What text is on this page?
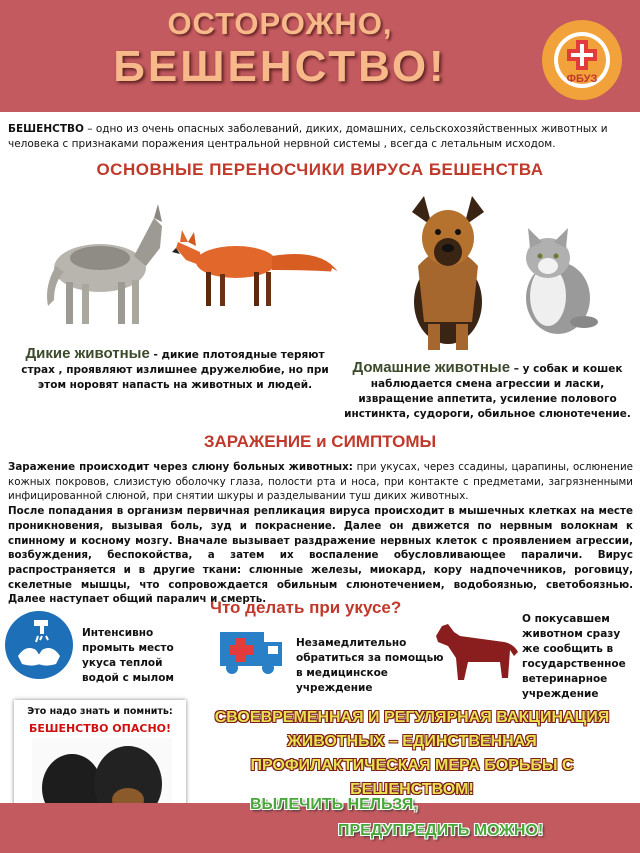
ОСТОРОЖНО,
БЕШЕНСТВО!	ФБУЗ
БЕШЕНСТВО – одно из очень опасных заболеваний, диких, домашних, сельскохозяйственных животных и человека с признаками поражения центральной нервной системы , всегда с летальным исходом.
ОСНОВНЫЕ ПЕРЕНОСЧИКИ ВИРУСА БЕШЕНСТВА
Дикие животные - дикие плотоядные теряют страх , проявляют излишнее дружелюбие, но при этом норовят напасть на животных и людей.
Домашние животные – у собак и кошек наблюдается смена агрессии и ласки, извращение аппетита, усиление полового инстинкта, судороги, обильное слюнотечение.
ЗАРАЖЕНИЕ и СИМПТОМЫ
Заражение происходит через слюну больных животных: при укусах, через ссадины, царапины, ослюнение кожных покровов, слизистую оболочку глаза, полости рта и носа, при контакте с предметами, загрязненными инфицированной слюной, при снятии шкуры и разделывании туш диких животных.
После попадания в организм первичная репликация вируса происходит в мышечных клетках на месте проникновения, вызывая боль, зуд и покраснение. Далее он движется по нервным волокнам к спинному и косному мозгу. Вначале вызывает раздражение нервных клеток с проявлением агрессии, возбуждения, беспокойства, а затем их воспаление обусловливающее параличи. Вирус распространяется и в другие ткани: слюнные железы, миокард, кору надпочечников, роговицу, скелетные мышцы, что сопровождается обильным слюнотечением, водобоязнью, светобоязнью. Далее наступает общий паралич и смерть.
Что делать при укусе?
Интенсивно промыть место укуса теплой водой с мылом
Незамедлительно обратиться за помощью в медицинское учреждение
О покусавшем животном сразу же сообщить в государственное ветеринарное учреждение
Это надо знать и помнить:
БЕШЕНСТВО ОПАСНО!
СВОЕВРЕМЕННАЯ И РЕГУЛЯРНАЯ ВАКЦИНАЦИЯ
ЖИВОТНЫХ – ЕДИНСТВЕННАЯ
ПРОФИЛАКТИЧЕСКАЯ МЕРА БОРЬБЫ С
БЕШЕНСТВОМ!
ВЫЛЕЧИТЬ НЕЛЬЗЯ,
ПРЕДУПРЕДИТЬ МОЖНО!
